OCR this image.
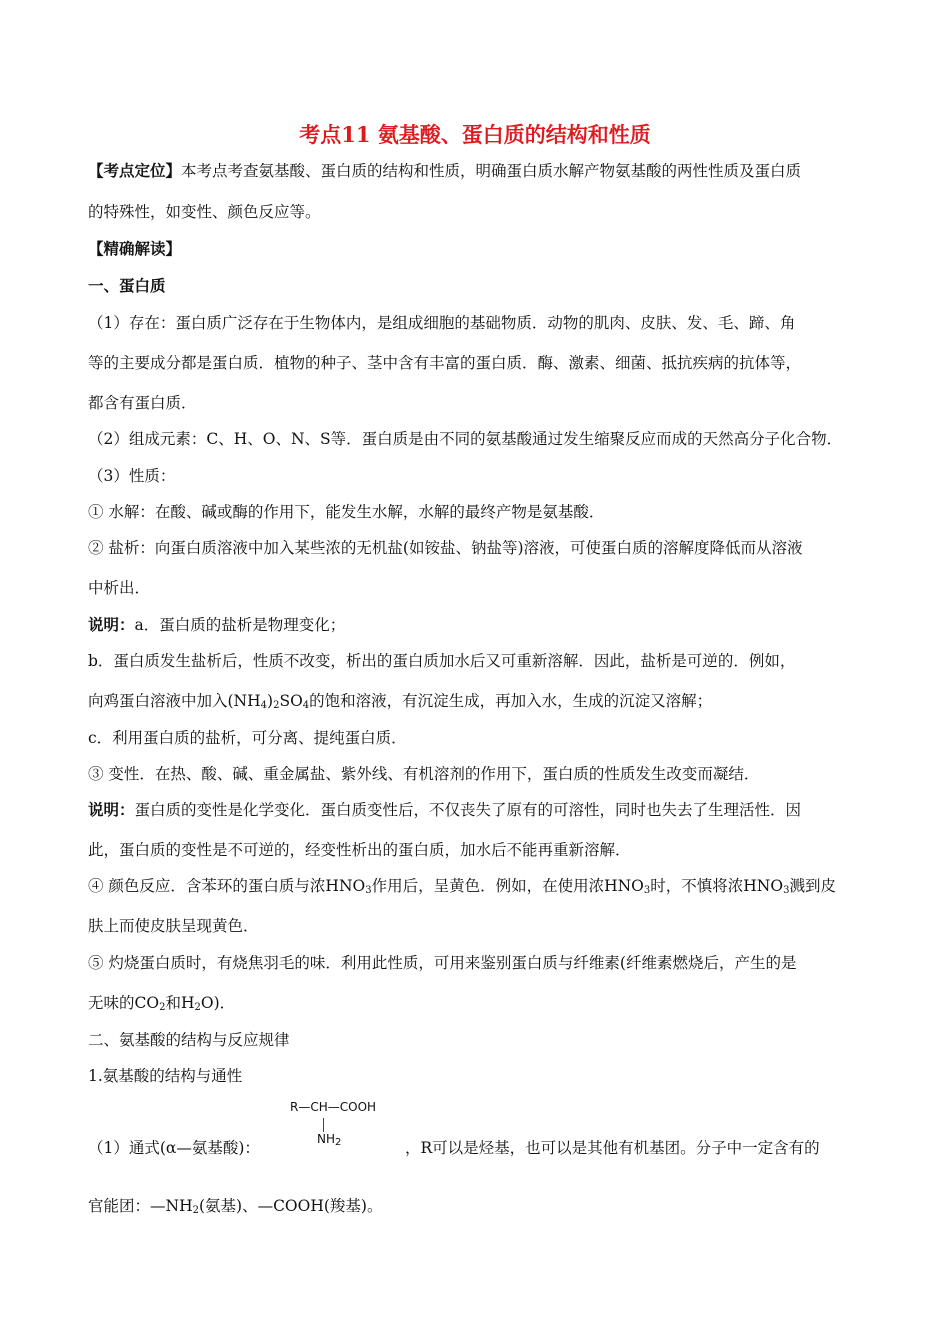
考点11 氨基酸、蛋白质的结构和性质
【考点定位】本考点考查氨基酸、蛋白质的结构和性质，明确蛋白质水解产物氨基酸的两性性质及蛋白质
的特殊性，如变性、颜色反应等。
【精确解读】
一、蛋白质
（1）存在：蛋白质广泛存在于生物体内，是组成细胞的基础物质．动物的肌肉、皮肤、发、毛、蹄、角
等的主要成分都是蛋白质．植物的种子、茎中含有丰富的蛋白质．酶、激素、细菌、抵抗疾病的抗体等，
都含有蛋白质．
（2）组成元素：C、H、O、N、S等．蛋白质是由不同的氨基酸通过发生缩聚反应而成的天然高分子化合物．
（3）性质：
① 水解：在酸、碱或酶的作用下，能发生水解，水解的最终产物是氨基酸．
② 盐析：向蛋白质溶液中加入某些浓的无机盐(如铵盐、钠盐等)溶液，可使蛋白质的溶解度降低而从溶液
中析出．
说明：a．蛋白质的盐析是物理变化；
b．蛋白质发生盐析后，性质不改变，析出的蛋白质加水后又可重新溶解．因此，盐析是可逆的．例如，
向鸡蛋白溶液中加入$(NH_4)_2SO_4$的饱和溶液，有沉淀生成，再加入水，生成的沉淀又溶解；
c．利用蛋白质的盐析，可分离、提纯蛋白质．
③ 变性．在热、酸、碱、重金属盐、紫外线、有机溶剂的作用下，蛋白质的性质发生改变而凝结．
说明：蛋白质的变性是化学变化．蛋白质变性后，不仅丧失了原有的可溶性，同时也失去了生理活性．因
此，蛋白质的变性是不可逆的，经变性析出的蛋白质，加水后不能再重新溶解．
④ 颜色反应．含苯环的蛋白质与浓$HNO_3$作用后，呈黄色．例如，在使用浓$HNO_3$时，不慎将浓$HNO_3$溅到皮
肤上而使皮肤呈现黄色．
⑤ 灼烧蛋白质时，有烧焦羽毛的味．利用此性质，可用来鉴别蛋白质与纤维素(纤维素燃烧后，产生的是
无味的$CO_2$和$H_2O$)．
二、氨基酸的结构与反应规律
1.氨基酸的结构与通性
R—CH—COOH
$NH_2$
（1）通式(α—氨基酸)：	，R可以是烃基，也可以是其他有机基团。分子中一定含有的
官能团：$—NH_2$(氨基)、—COOH(羧基)。
